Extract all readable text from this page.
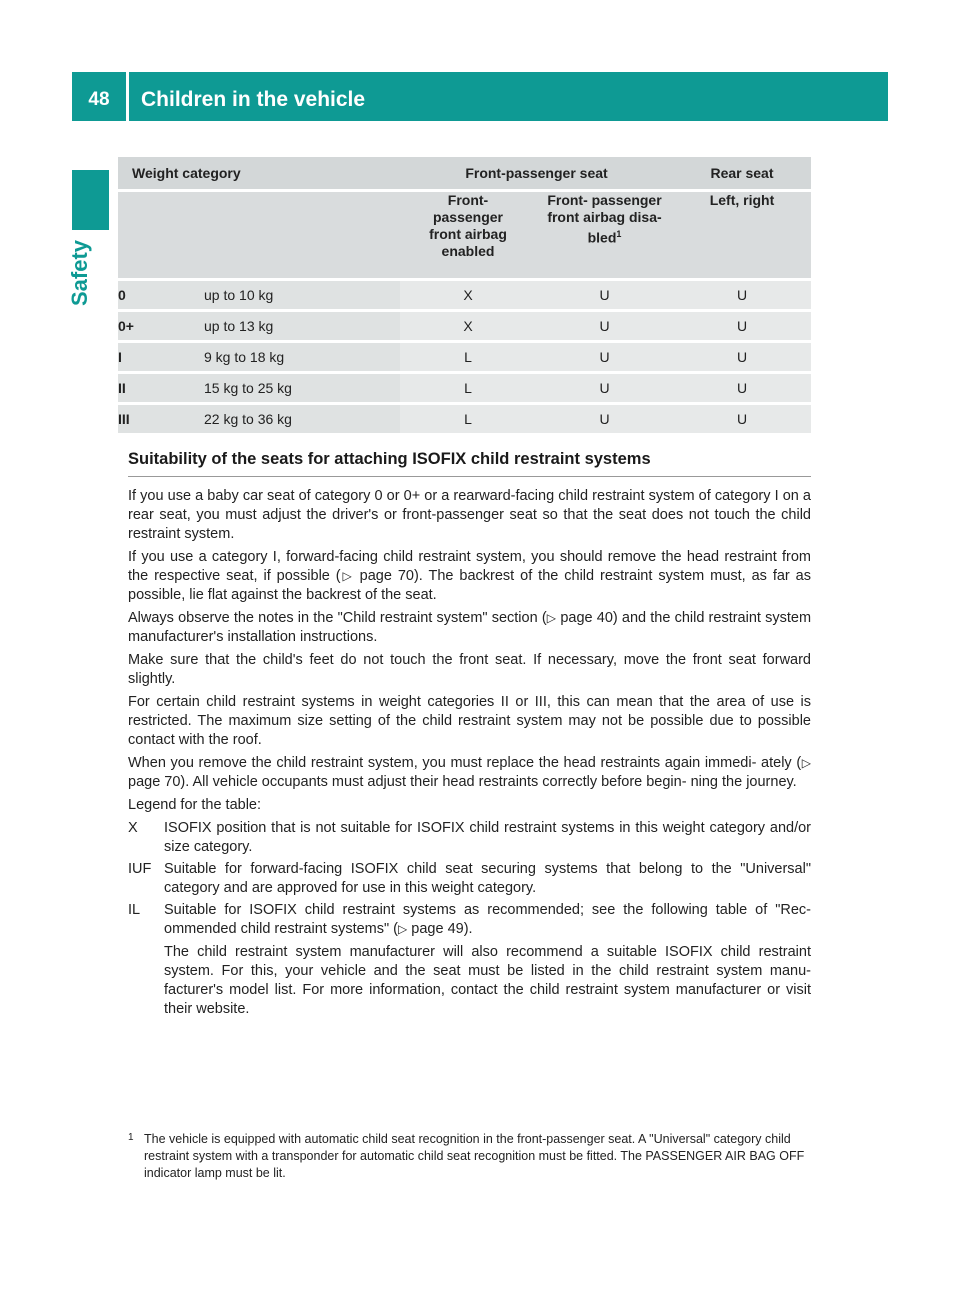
48	Children in the vehicle
Safety
Weight category		Front-passenger seat		Rear seat

		Front- passenger front airbag enabled	Front- passenger front airbag disa- bled$^1$	Left, right
0	up to 10 kg	X	U	U
0+	up to 13 kg	X	U	U
I	9 kg to 18 kg	L	U	U
II	15 kg to 25 kg	L	U	U
III	22 kg to 36 kg	L	U	U
Suitability of the seats for attaching ISOFIX child restraint systems

If you use a baby car seat of category 0 or 0+ or a rearward-facing child restraint system of category I on a rear seat, you must adjust the driver's or front-passenger seat so that the seat does not touch the child restraint system.

If you use a category I, forward-facing child restraint system, you should remove the head restraint from the respective seat, if possible (▷ page 70). The backrest of the child restraint system must, as far as possible, lie flat against the backrest of the seat.

Always observe the notes in the "Child restraint system" section (▷ page 40) and the child restraint system manufacturer's installation instructions.

Make sure that the child's feet do not touch the front seat. If necessary, move the front seat forward slightly.

For certain child restraint systems in weight categories II or III, this can mean that the area of use is restricted. The maximum size setting of the child restraint system may not be possible due to possible contact with the roof.

When you remove the child restraint system, you must replace the head restraints again immedi- ately (▷ page 70). All vehicle occupants must adjust their head restraints correctly before begin- ning the journey.

Legend for the table:

X	ISOFIX position that is not suitable for ISOFIX child restraint systems in this weight category and/or size category.
IUF Suitable for forward-facing ISOFIX child seat securing systems that belong to the "Universal" category and are approved for use in this weight category.
IL	Suitable for ISOFIX child restraint systems as recommended; see the following table of "Rec- ommended child restraint systems" (▷ page 49).

The child restraint system manufacturer will also recommend a suitable ISOFIX child restraint system. For this, your vehicle and the seat must be listed in the child restraint system manu- facturer's model list. For more information, contact the child restraint system manufacturer or visit their website.

1 The vehicle is equipped with automatic child seat recognition in the front-passenger seat. A "Universal" category child restraint system with a transponder for automatic child seat recognition must be fitted. The PASSENGER AIR BAG OFF indicator lamp must be lit.
